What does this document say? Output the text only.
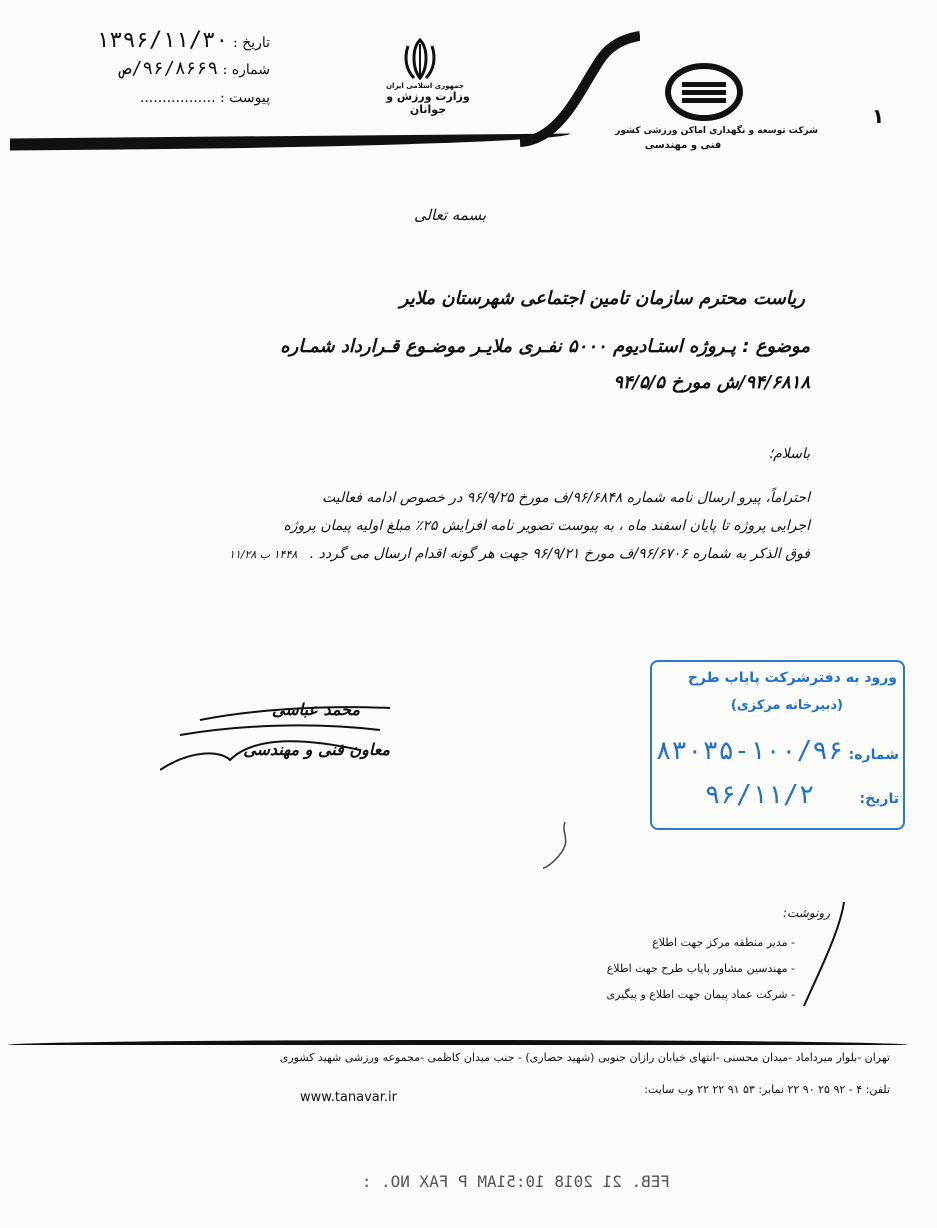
تاریخ : ۱۳۹۶/۱۱/۳۰
شماره : ۹۶/۸۶۶۹/ص
پیوست : .................
جمهوری اسلامی ایران
وزارت ورزش و جوانان
شرکت توسعه و نگهداری اماکن ورزشی کشور
فنی و مهندسی
۱
بسمه تعالی
ریاست محترم سازمان تامین اجتماعی شهرستان ملایر
موضوع : پـروژه استـادیوم ۵۰۰۰ نفـری ملایـر موضـوع قـرارداد شمـاره
۹۴/۶۸۱۸/ش مورخ ۹۴/۵/۵
باسلام؛
احتراماً، پیرو ارسال نامه شماره ۹۶/۶۸۴۸/ف مورخ ۹۶/۹/۲۵ در خصوص ادامه فعالیت
اجرایی پروژه تا پایان اسفند ماه ، به پیوست تصویر نامه افزایش ۲۵٪ مبلغ اولیه پیمان پروژه
فوق الذکر به شماره ۹۶/۶۷۰۶/ف مورخ ۹۶/۹/۲۱ جهت هر گونه اقدام ارسال می گردد . ۱۴۴۸ ب ۱۱/۲۸
محمد عباسی
معاون فنی و مهندسی
ورود به دفترشرکت پایاب طرح
(دبیرخانه مرکزی)
شماره: ۱۰۰/۹۶-۸۳۰۳۵
تاریخ: ۹۶/۱۱/۲
رونوشت:
- مدیر منطقه مرکز جهت اطلاع
- مهندسین مشاور پایاب طرح جهت اطلاع
- شرکت عماد پیمان جهت اطلاع و پیگیری
تهران -بلوار میرداماد -میدان محسنی -انتهای خیابان رازان جنوبی (شهید حصاری) - جنب میدان کاظمی -مجموعه ورزشی شهید کشوری
تلفن: ۴ - ۹۲ ۲۵ ۹۰ ۲۲ نمابر: ۵۳ ۹۱ ۲۲ ۲۲ وب سایت:
www.tanavar.ir
FEB. 21 2018 10:51AM P FAX NO. :
